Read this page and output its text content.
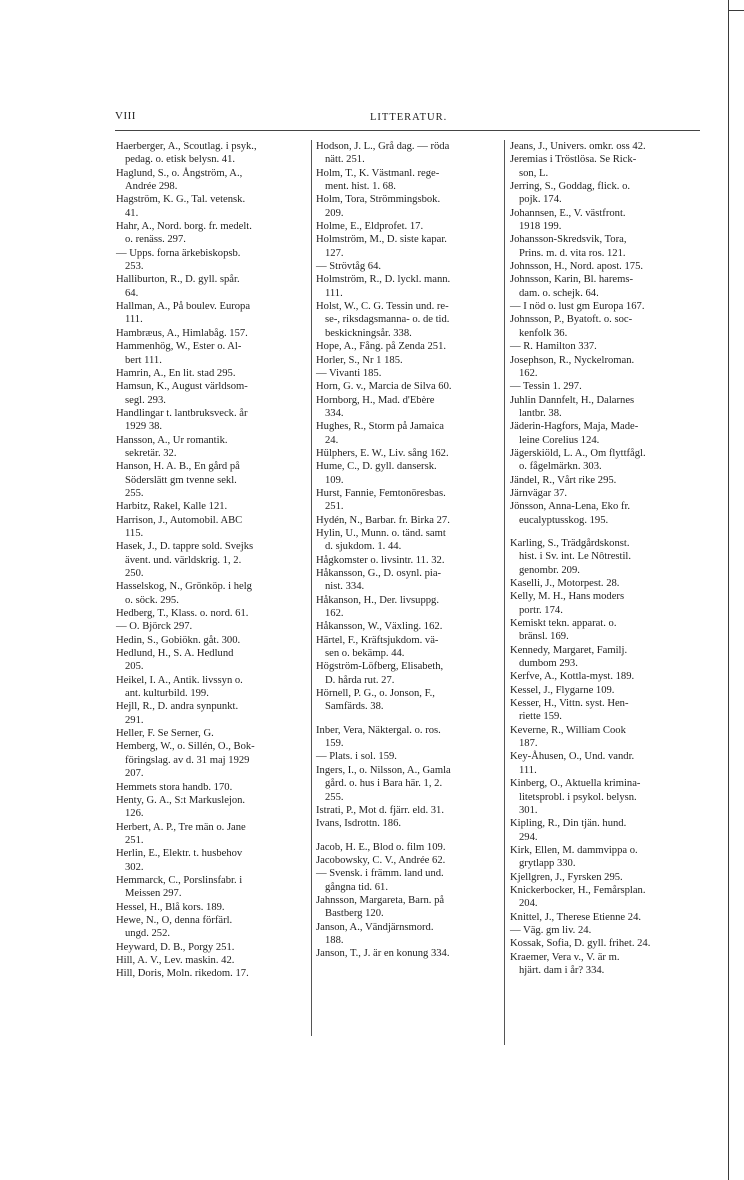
VIII	LITTERATUR.
Haerberger, A., Scoutlag. i psyk.,
pedag. o. etisk belysn. 41.
Haglund, S., o. Ångström, A.,
Andrée 298.
Hagström, K. G., Tal. vetensk.
41.
Hahr, A., Nord. borg. fr. medelt.
o. renäss. 297.
— Upps. forna ärkebiskopsb.
253.
Halliburton, R., D. gyll. spår.
64.
Hallman, A., På boulev. Europa
111.
Hambræus, A., Himlabåg. 157.
Hammenhög, W., Ester o. Al-
bert 111.
Hamrin, A., En lit. stad 295.
Hamsun, K., August världsom-
segl. 293.
Handlingar t. lantbruksveck. år
1929 38.
Hansson, A., Ur romantik.
sekretär. 32.
Hanson, H. A. B., En gård på
Söderslätt gm tvenne sekl.
255.
Harbitz, Rakel, Kalle 121.
Harrison, J., Automobil. ABC
115.
Hasek, J., D. tappre sold. Svejks
ävent. und. världskrig. 1, 2.
250.
Hasselskog, N., Grönköp. i helg
o. söck. 295.
Hedberg, T., Klass. o. nord. 61.
— O. Björck 297.
Hedin, S., Gobiökn. gåt. 300.
Hedlund, H., S. A. Hedlund
205.
Heikel, I. A., Antik. livssyn o.
ant. kulturbild. 199.
Hejll, R., D. andra synpunkt.
291.
Heller, F. Se Serner, G.
Hemberg, W., o. Sillén, O., Bok-
föringslag. av d. 31 maj 1929
207.
Hemmets stora handb. 170.
Henty, G. A., S:t Markuslejon.
126.
Herbert, A. P., Tre män o. Jane
251.
Herlin, E., Elektr. t. husbehov
302.
Hemmarck, C., Porslinsfabr. i
Meissen 297.
Hessel, H., Blå kors. 189.
Hewe, N., O, denna förfärl.
ungd. 252.
Heyward, D. B., Porgy 251.
Hill, A. V., Lev. maskin. 42.
Hill, Doris, Moln. rikedom. 17.
Hodson, J. L., Grå dag. — röda
nätt. 251.
Holm, T., K. Västmanl. rege-
ment. hist. 1. 68.
Holm, Tora, Strömmingsbok.
209.
Holme, E., Eldprofet. 17.
Holmström, M., D. siste kapar.
127.
— Strövtåg 64.
Holmström, R., D. lyckl. mann.
111.
Holst, W., C. G. Tessin und. re-
se-, riksdagsmanna- o. de tid.
beskickningsår. 338.
Hope, A., Fång. på Zenda 251.
Horler, S., Nr 1 185.
— Vivanti 185.
Horn, G. v., Marcia de Silva 60.
Hornborg, H., Mad. d'Ebère
334.
Hughes, R., Storm på Jamaica
24.
Hülphers, E. W., Liv. sång 162.
Hume, C., D. gyll. dansersk.
109.
Hurst, Fannie, Femtonöresbas.
251.
Hydén, N., Barbar. fr. Birka 27.
Hylin, U., Munn. o. tänd. samt
d. sjukdom. 1. 44.
Hågkomster o. livsintr. 11. 32.
Håkansson, G., D. osynl. pia-
nist. 334.
Håkanson, H., Der. livsuppg.
162.
Håkansson, W., Växling. 162.
Härtel, F., Kräftsjukdom. vä-
sen o. bekämp. 44.
Högström-Löfberg, Elisabeth,
D. hårda rut. 27.
Hörnell, P. G., o. Jonson, F.,
Samfärds. 38.
Inber, Vera, Näktergal. o. ros.
159.
— Plats. i sol. 159.
Ingers, I., o. Nilsson, A., Gamla
gård. o. hus i Bara här. 1, 2.
255.
Istrati, P., Mot d. fjärr. eld. 31.
Ivans, Isdrottn. 186.
Jacob, H. E., Blod o. film 109.
Jacobowsky, C. V., Andrée 62.
— Svensk. i främm. land und.
gångna tid. 61.
Jahnsson, Margareta, Barn. på
Bastberg 120.
Janson, A., Vändjärnsmord.
188.
Janson, T., J. är en konung 334.
Jeans, J., Univers. omkr. oss 42.
Jeremias i Tröstlösa. Se Rick-
son, L.
Jerring, S., Goddag, flick. o.
pojk. 174.
Johannsen, E., V. västfront.
1918 199.
Johansson-Skredsvik, Tora,
Prins. m. d. vita ros. 121.
Johnsson, H., Nord. apost. 175.
Johnsson, Karin, Bl. harems-
dam. o. schejk. 64.
— I nöd o. lust gm Europa 167.
Johnsson, P., Byatoft. o. soc-
kenfolk 36.
— R. Hamilton 337.
Josephson, R., Nyckelroman.
162.
— Tessin 1. 297.
Juhlin Dannfelt, H., Dalarnes
lantbr. 38.
Jäderin-Hagfors, Maja, Made-
leine Corelius 124.
Jägerskiöld, L. A., Om flyttfågl.
o. fågelmärkn. 303.
Jändel, R., Vårt rike 295.
Järnvägar 37.
Jönsson, Anna-Lena, Eko fr.
eucalyptusskog. 195.
Karling, S., Trädgårdskonst.
hist. i Sv. int. Le Nôtrestil.
genombr. 209.
Kaselli, J., Motorpest. 28.
Kelly, M. H., Hans moders
portr. 174.
Kemiskt tekn. apparat. o.
bränsl. 169.
Kennedy, Margaret, Familj.
dumbom 293.
Kerfve, A., Kottla-myst. 189.
Kessel, J., Flygarne 109.
Kesser, H., Vittn. syst. Hen-
riette 159.
Keverne, R., William Cook
187.
Key-Åhusen, O., Und. vandr.
111.
Kinberg, O., Aktuella krimina-
litetsprobl. i psykol. belysn.
301.
Kipling, R., Din tjän. hund.
294.
Kirk, Ellen, M. dammvippa o.
grytlapp 330.
Kjellgren, J., Fyrsken 295.
Knickerbocker, H., Femårsplan.
204.
Knittel, J., Therese Etienne 24.
— Väg. gm liv. 24.
Kossak, Sofia, D. gyll. frihet. 24.
Kraemer, Vera v., V. är m.
hjärt. dam i år? 334.
